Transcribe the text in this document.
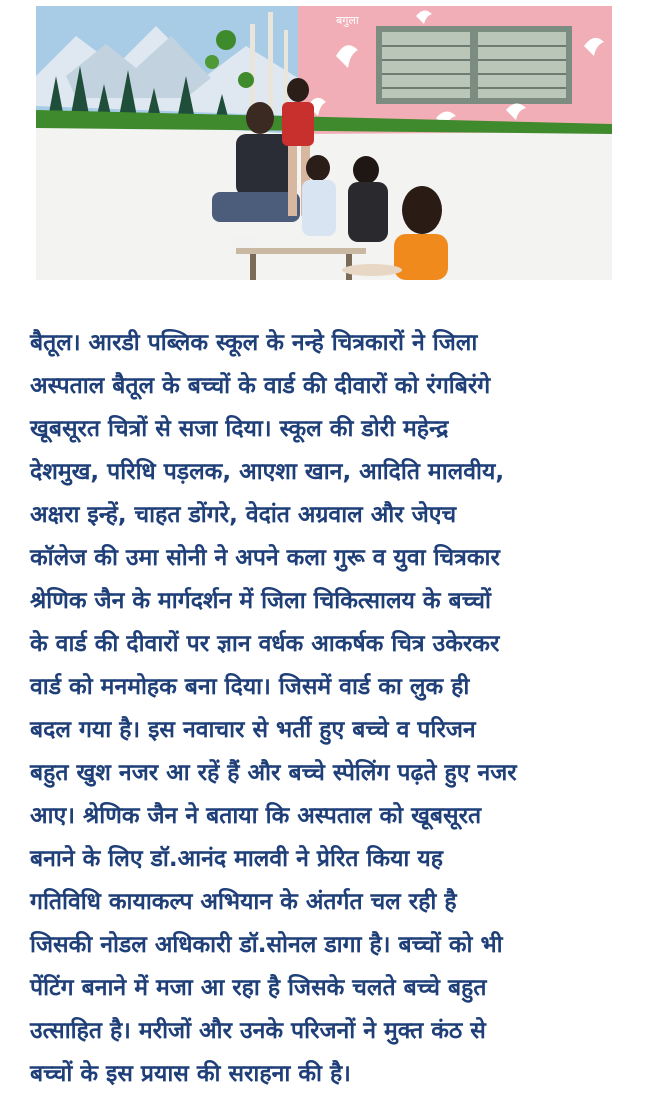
बगुला

बैतूल। आरडी पब्लिक स्कूल के नन्हे चित्रकारों ने जिला
अस्पताल बैतूल के बच्चों के वार्ड की दीवारों को रंगबिरंगे
खूबसूरत चित्रों से सजा दिया। स्कूल की डोरी महेन्द्र
देशमुख, परिधि पड़लक, आएशा खान, आदिति मालवीय,
अक्षरा इन्हें, चाहत डोंगरे, वेदांत अग्रवाल और जेएच
कॉलेज की उमा सोनी ने अपने कला गुरू व युवा चित्रकार
श्रेणिक जैन के मार्गदर्शन में जिला चिकित्सालय के बच्चों
के वार्ड की दीवारों पर ज्ञान वर्धक आकर्षक चित्र उकेरकर
वार्ड को मनमोहक बना दिया। जिसमें वार्ड का लुक ही
बदल गया है। इस नवाचार से भर्ती हुए बच्चे व परिजन
बहुत खुश नजर आ रहें हैं और बच्चे स्पेलिंग पढ़ते हुए नजर
आए। श्रेणिक जैन ने बताया कि अस्पताल को खूबसूरत
बनाने के लिए डॉ.आनंद मालवी ने प्रेरित किया यह
गतिविधि कायाकल्प अभियान के अंतर्गत चल रही है
जिसकी नोडल अधिकारी डॉ.सोनल डागा है। बच्चों को भी
पेंटिंग बनाने में मजा आ रहा है जिसके चलते बच्चे बहुत
उत्साहित है। मरीजों और उनके परिजनों ने मुक्त कंठ से
बच्चों के इस प्रयास की सराहना की है।
